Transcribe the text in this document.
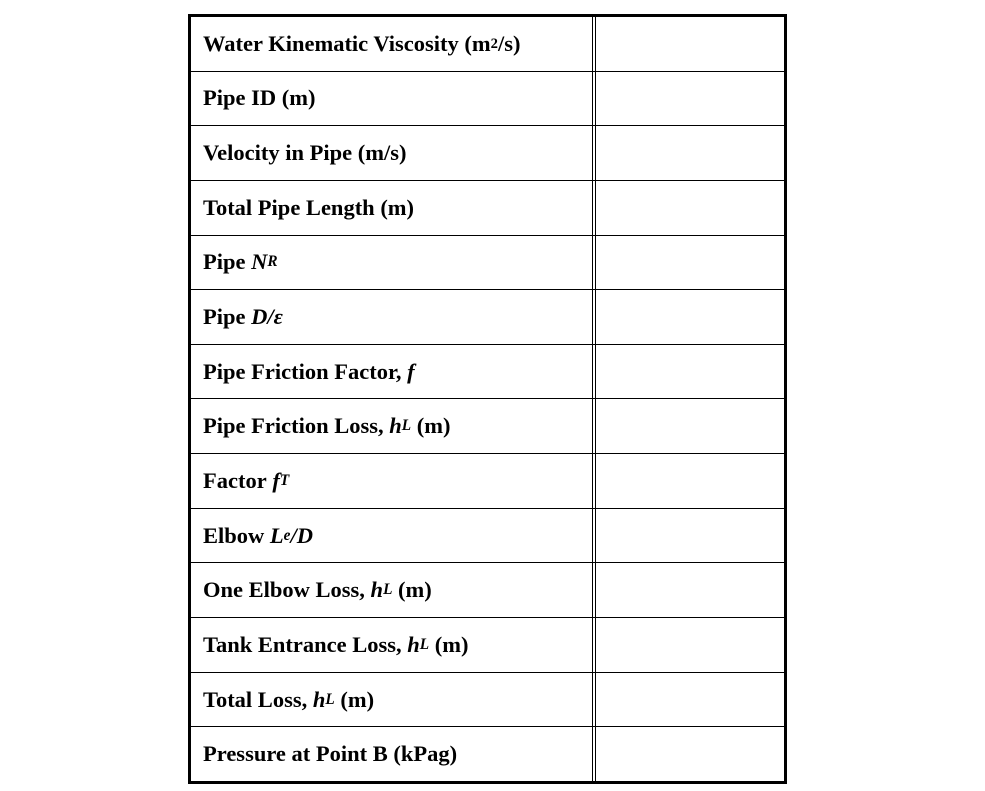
Water Kinematic Viscosity (m 2 /s)
Pipe ID (m)
Velocity in Pipe (m/s)
Total Pipe Length (m)
Pipe
N R
Pipe
D/ε
Pipe Friction Factor,
f
Pipe Friction Loss,
h L
(m)
Factor
f T
Elbow
L e /D
One Elbow Loss,
h L
(m)
Tank Entrance Loss,
h L
(m)
Total Loss,
h L
(m)
Pressure at Point B (kPag)
